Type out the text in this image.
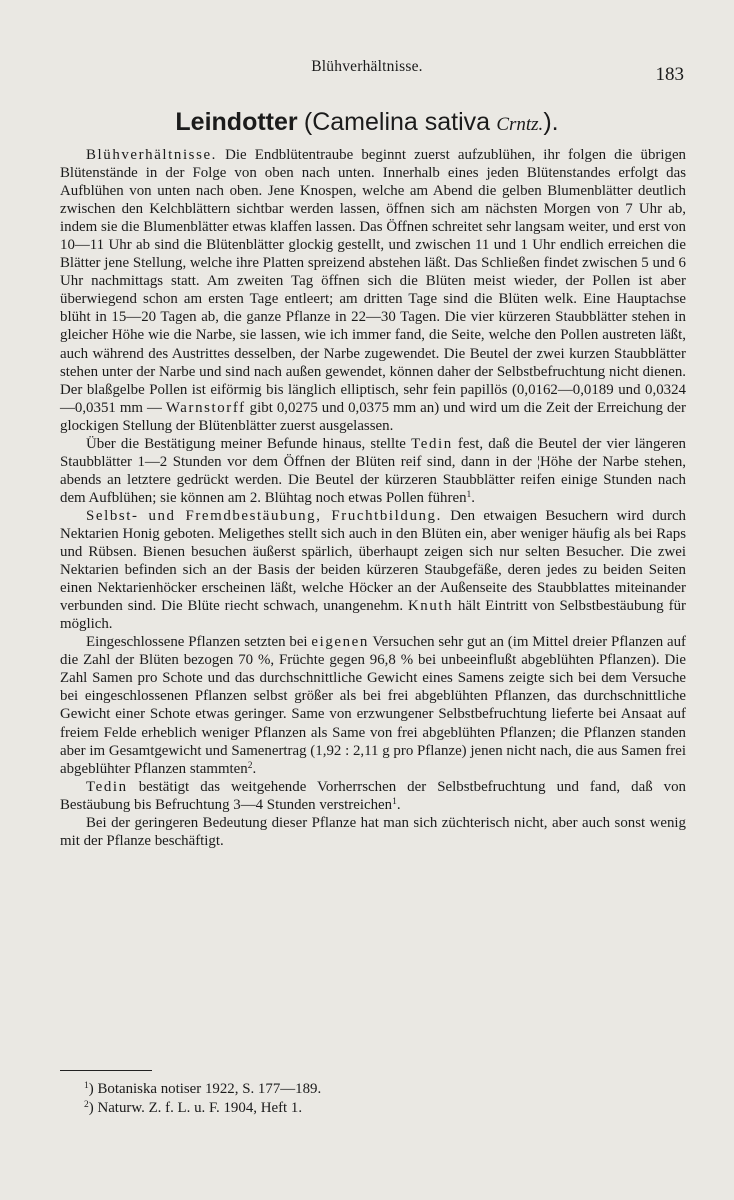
Blühverhältnisse.	183
Leindotter (Camelina sativa Crntz.).

Blühverhältnisse. Die Endblütentraube beginnt zuerst aufzublühen, ihr folgen die übrigen Blütenstände in der Folge von oben nach unten. Innerhalb eines jeden Blütenstandes erfolgt das Aufblühen von unten nach oben. Jene Knospen, welche am Abend die gelben Blumenblätter deutlich zwischen den Kelchblättern sichtbar werden lassen, öffnen sich am nächsten Morgen von 7 Uhr ab, indem sie die Blumenblätter etwas klaffen lassen. Das Öffnen schreitet sehr langsam weiter, und erst von 10—11 Uhr ab sind die Blütenblätter glockig gestellt, und zwischen 11 und 1 Uhr endlich erreichen die Blätter jene Stellung, welche ihre Platten spreizend abstehen läßt. Das Schließen findet zwischen 5 und 6 Uhr nachmittags statt. Am zweiten Tag öffnen sich die Blüten meist wieder, der Pollen ist aber überwiegend schon am ersten Tage entleert; am dritten Tage sind die Blüten welk. Eine Hauptachse blüht in 15—20 Tagen ab, die ganze Pflanze in 22—30 Tagen. Die vier kürzeren Staubblätter stehen in gleicher Höhe wie die Narbe, sie lassen, wie ich immer fand, die Seite, welche den Pollen austreten läßt, auch während des Austrittes desselben, der Narbe zugewendet. Die Beutel der zwei kurzen Staubblätter stehen unter der Narbe und sind nach außen gewendet, können daher der Selbstbefruchtung nicht dienen. Der blaßgelbe Pollen ist eiförmig bis länglich elliptisch, sehr fein papillös (0,0162—0,0189 und 0,0324—0,0351 mm — Warnstorff gibt 0,0275 und 0,0375 mm an) und wird um die Zeit der Erreichung der glockigen Stellung der Blütenblätter zuerst ausgelassen.

Über die Bestätigung meiner Befunde hinaus, stellte Tedin fest, daß die Beutel der vier längeren Staubblätter 1—2 Stunden vor dem Öffnen der Blüten reif sind, dann in der ¦Höhe der Narbe stehen, abends an letztere gedrückt werden. Die Beutel der kürzeren Staubblätter reifen einige Stunden nach dem Aufblühen; sie können am 2. Blühtag noch etwas Pollen führen$^1$.

Selbst- und Fremdbestäubung, Fruchtbildung. Den etwaigen Besuchern wird durch Nektarien Honig geboten. Meligethes stellt sich auch in den Blüten ein, aber weniger häufig als bei Raps und Rübsen. Bienen besuchen äußerst spärlich, überhaupt zeigen sich nur selten Besucher. Die zwei Nektarien befinden sich an der Basis der beiden kürzeren Staubgefäße, deren jedes zu beiden Seiten einen Nektarienhöcker erscheinen läßt, welche Höcker an der Außenseite des Staubblattes miteinander verbunden sind. Die Blüte riecht schwach, unangenehm. Knuth hält Eintritt von Selbstbestäubung für möglich.

Eingeschlossene Pflanzen setzten bei eigenen Versuchen sehr gut an (im Mittel dreier Pflanzen auf die Zahl der Blüten bezogen 70 %, Früchte gegen 96,8 % bei unbeeinflußt abgeblühten Pflanzen). Die Zahl Samen pro Schote und das durchschnittliche Gewicht eines Samens zeigte sich bei dem Versuche bei eingeschlossenen Pflanzen selbst größer als bei frei abgeblühten Pflanzen, das durchschnittliche Gewicht einer Schote etwas geringer. Same von erzwungener Selbstbefruchtung lieferte bei Ansaat auf freiem Felde erheblich weniger Pflanzen als Same von frei abgeblühten Pflanzen; die Pflanzen standen aber im Gesamtgewicht und Samenertrag (1,92 : 2,11 g pro Pflanze) jenen nicht nach, die aus Samen frei abgeblühter Pflanzen stammten$^2$.

Tedin bestätigt das weitgehende Vorherrschen der Selbstbefruchtung und fand, daß von Bestäubung bis Befruchtung 3—4 Stunden verstreichen$^1$.

Bei der geringeren Bedeutung dieser Pflanze hat man sich züchterisch nicht, aber auch sonst wenig mit der Pflanze beschäftigt.

$^1$) Botaniska notiser 1922, S. 177—189.
$^2$) Naturw. Z. f. L. u. F. 1904, Heft 1.
